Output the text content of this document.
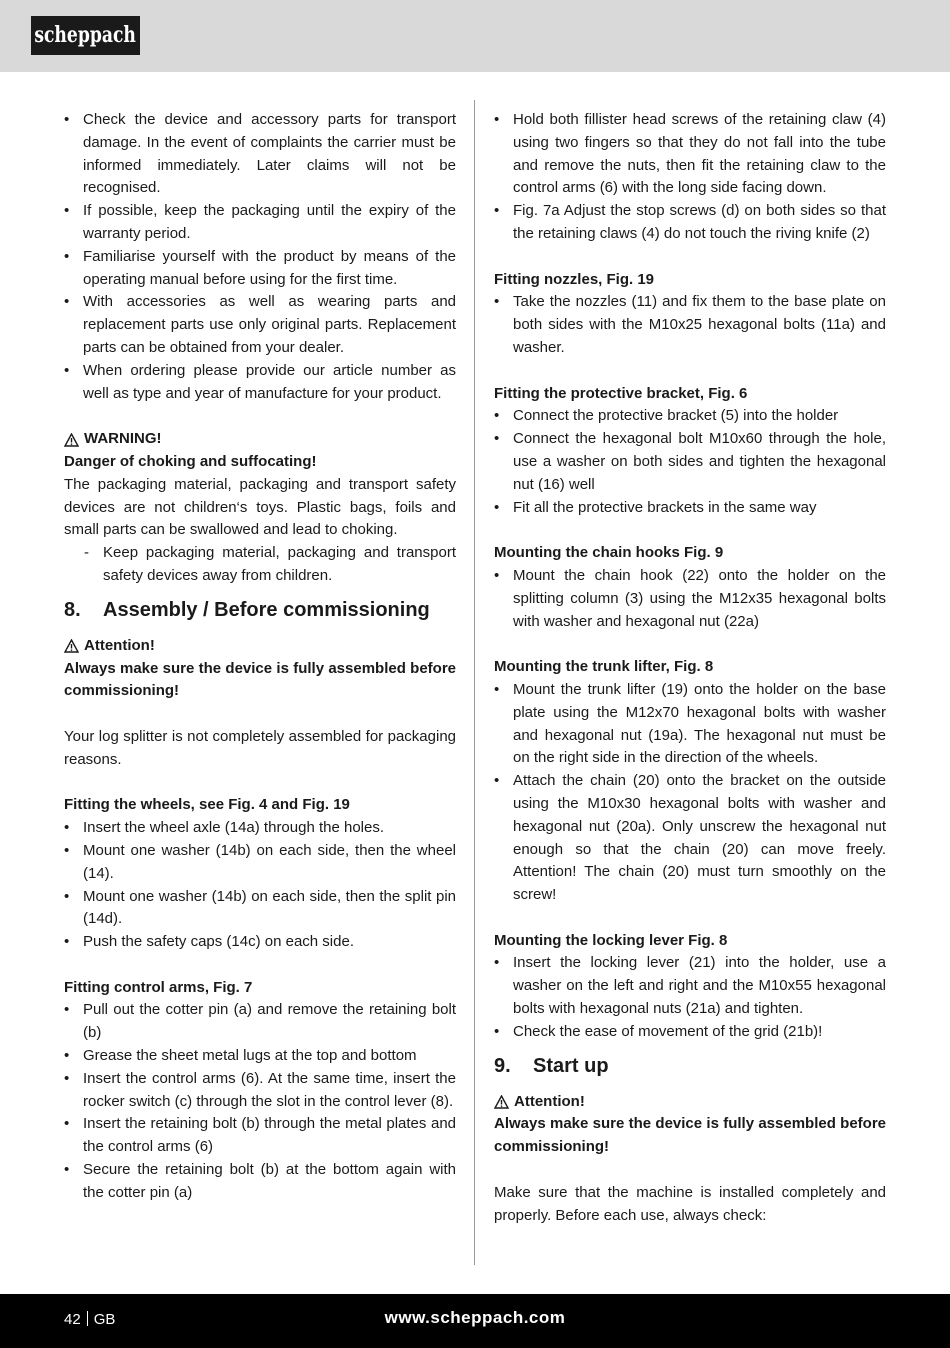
scheppach
• Check the device and accessory parts for transport damage. In the event of complaints the carrier must be informed immediately. Later claims will not be recognised.
• If possible, keep the packaging until the expiry of the warranty period.
• Familiarise yourself with the product by means of the operating manual before using for the first time.
• With accessories as well as wearing parts and replacement parts use only original parts. Replacement parts can be obtained from your dealer.
• When ordering please provide our article number as well as type and year of manufacture for your product.
WARNING!

Danger of choking and suffocating!

The packaging material, packaging and transport safety devices are not children‘s toys. Plastic bags, foils and small parts can be swallowed and lead to choking.

- Keep packaging material, packaging and transport safety devices away from children.
8.	Assembly / Before commissioning
Attention!

Always make sure the device is fully assembled before commissioning!

Your log splitter is not completely assembled for packaging reasons.

Fitting the wheels, see Fig. 4 and Fig. 19

• Insert the wheel axle (14a) through the holes.
• Mount one washer (14b) on each side, then the wheel (14).
• Mount one washer (14b) on each side, then the split pin (14d).
• Push the safety caps (14c) on each side.

Fitting control arms, Fig. 7

• Pull out the cotter pin (a) and remove the retaining bolt (b)
• Grease the sheet metal lugs at the top and bottom
• Insert the control arms (6). At the same time, insert the rocker switch (c) through the slot in the control lever (8).
• Insert the retaining bolt (b) through the metal plates and the control arms (6)
• Secure the retaining bolt (b) at the bottom again with the cotter pin (a)
• Hold both fillister head screws of the retaining claw (4) using two fingers so that they do not fall into the tube and remove the nuts, then fit the retaining claw to the control arms (6) with the long side facing down.
• Fig. 7a Adjust the stop screws (d) on both sides so that the retaining claws (4) do not touch the riving knife (2)

Fitting nozzles, Fig. 19

• Take the nozzles (11) and fix them to the base plate on both sides with the M10x25 hexagonal bolts (11a) and washer.

Fitting the protective bracket, Fig. 6

• Connect the protective bracket (5) into the holder
• Connect the hexagonal bolt M10x60 through the hole, use a washer on both sides and tighten the hexagonal nut (16) well
• Fit all the protective brackets in the same way

Mounting the chain hooks Fig. 9

• Mount the chain hook (22) onto the holder on the splitting column (3) using the M12x35 hexagonal bolts with washer and hexagonal nut (22a)

Mounting the trunk lifter, Fig. 8

• Mount the trunk lifter (19) onto the holder on the base plate using the M12x70 hexagonal bolts with washer and hexagonal nut (19a). The hexagonal nut must be on the right side in the direction of the wheels.
• Attach the chain (20) onto the bracket on the outside using the M10x30 hexagonal bolts with washer and hexagonal nut (20a). Only unscrew the hexagonal nut enough so that the chain (20) can move freely. Attention! The chain (20) must turn smoothly on the screw!

Mounting the locking lever Fig. 8

• Insert the locking lever (21) into the holder, use a washer on the left and right and the M10x55 hexagonal bolts with hexagonal nuts (21a) and tighten.
• Check the ease of movement of the grid (21b)!
9.	Start up
Attention!

Always make sure the device is fully assembled before commissioning!

Make sure that the machine is installed completely and properly. Before each use, always check:

42 GB	www.scheppach.com
